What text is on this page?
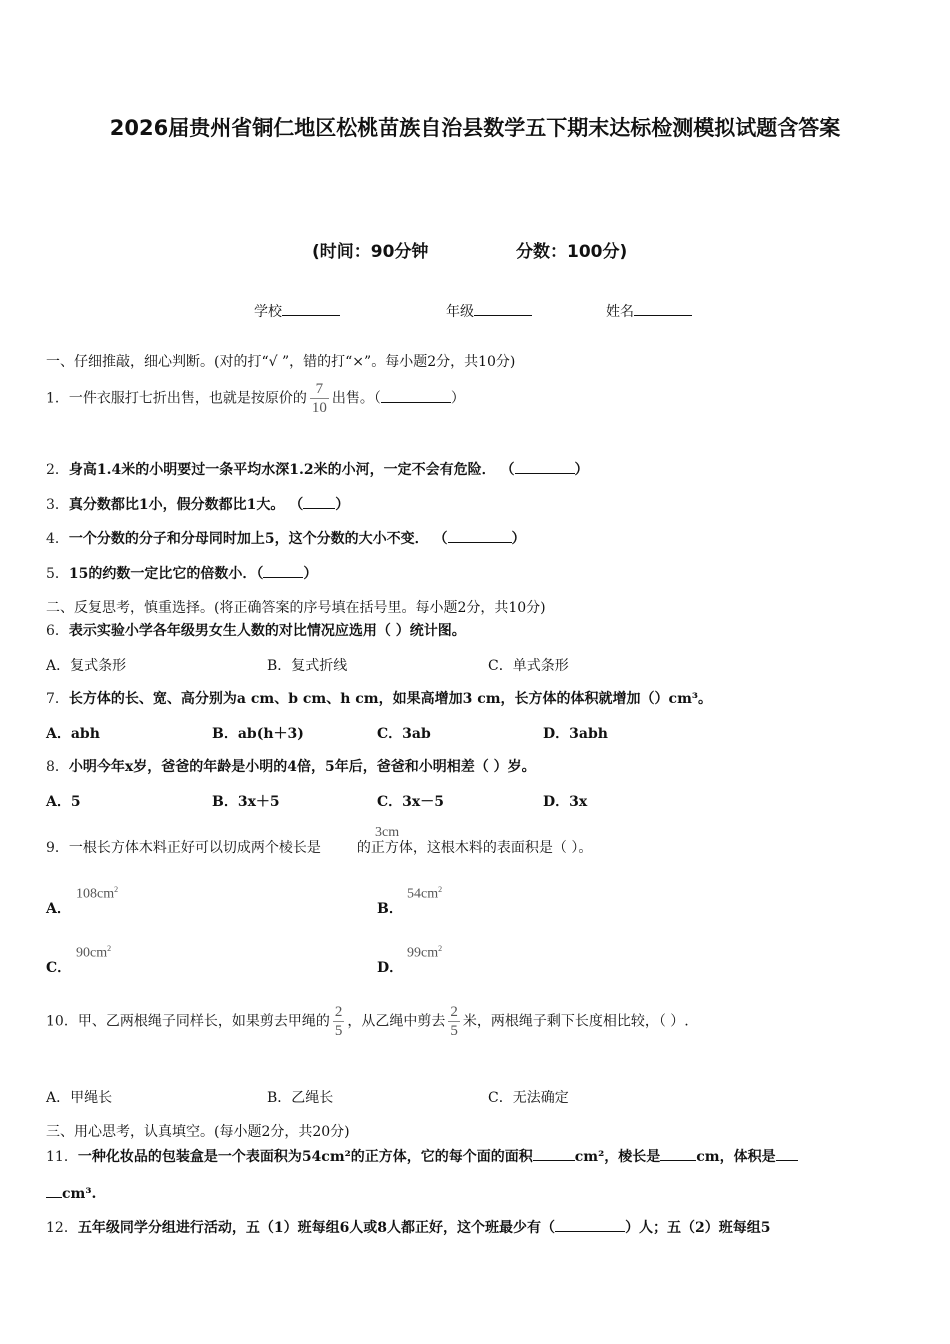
2026届贵州省铜仁地区松桃苗族自治县数学五下期末达标检测模拟试题含答案
(时间：90分钟	分数：100分)
学校	年级	姓名
一、仔细推敲，细心判断。(对的打“√ ”，错的打“×”。每小题2分，共10分)
1．一件衣服打七折出售，也就是按原价的 $\frac{7}{10}$ 出售。（	）
2．身高1.4米的小明要过一条平均水深1.2米的小河，一定不会有危险． （	）
3．真分数都比1小，假分数都比1大。 （ ）
4．一个分数的分子和分母同时加上5，这个分数的大小不变． （	）
5．15的约数一定比它的倍数小．（	）
二、反复思考，慎重选择。(将正确答案的序号填在括号里。每小题2分，共10分)
6．表示实验小学各年级男女生人数的对比情况应选用（ ）统计图。
A．复式条形	B．复式折线	C．单式条形
7．长方体的长、宽、高分别为a cm、b cm、h cm，如果高增加3 cm，长方体的体积就增加（）cm³。
A．abh	B．ab(h＋3)	C．3ab	D．3abh
8．小明今年x岁，爸爸的年龄是小明的4倍，5年后，爸爸和小明相差（ ）岁。
A．5	B．3x＋5	C．3x－5	D．3x
9．一根长方体木料正好可以切成两个棱长是	的正方体，这根木料的表面积是（ ）。
3cm
A．
$108cm^2$
B．
$54cm^2$
C．
$90cm^2$
D．
$99cm^2$
10．甲、乙两根绳子同样长，如果剪去甲绳的 $\frac{2}{5}$ ，从乙绳中剪去 $\frac{2}{5}$ 米，两根绳子剩下长度相比较，（ ）.
A．甲绳长	B．乙绳长	C．无法确定
三、用心思考，认真填空。(每小题2分，共20分)
11．一种化妆品的包装盒是一个表面积为54cm²的正方体，它的每个面的面积	cm²，棱长是	cm，体积是
cm³.
12．五年级同学分组进行活动，五（1）班每组6人或8人都正好，这个班最少有（	）人；五（2）班每组5
